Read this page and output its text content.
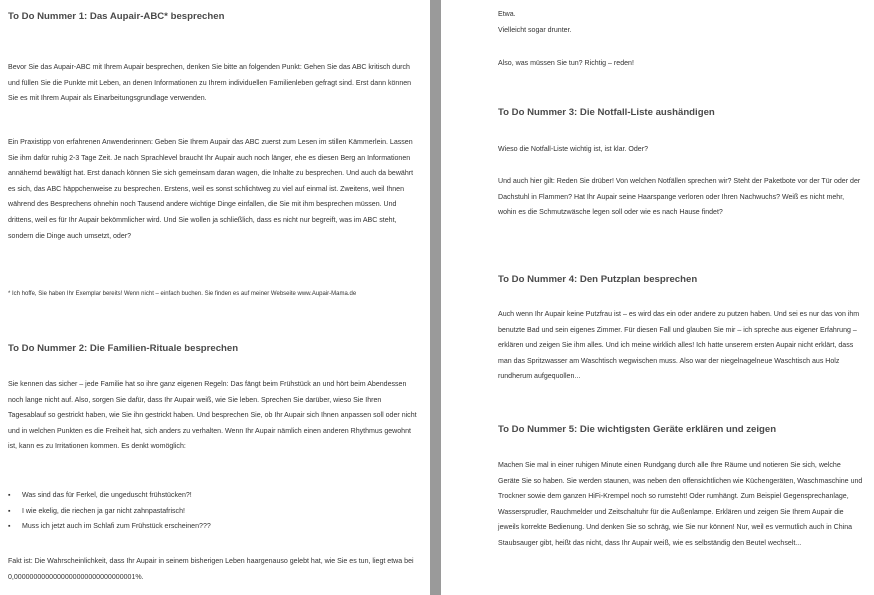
To Do Nummer 1: Das Aupair-ABC* besprechen

Bevor Sie das Aupair-ABC mit Ihrem Aupair besprechen, denken Sie bitte an folgenden Punkt: Gehen Sie das ABC kritisch durch und füllen Sie die Punkte mit Leben, an denen Informationen zu Ihrem individuellen Familienleben gefragt sind. Erst dann können Sie es mit Ihrem Aupair als Einarbeitungsgrundlage verwenden.

Ein Praxistipp von erfahrenen Anwenderinnen: Geben Sie Ihrem Aupair das ABC zuerst zum Lesen im stillen Kämmerlein. Lassen Sie ihm dafür ruhig 2-3 Tage Zeit. Je nach Sprachlevel braucht Ihr Aupair auch noch länger, ehe es diesen Berg an Informationen annähernd bewältigt hat. Erst danach können Sie sich gemeinsam daran wagen, die Inhalte zu besprechen. Und auch da bewährt es sich, das ABC häppchenweise zu besprechen. Erstens, weil es sonst schlichtweg zu viel auf einmal ist. Zweitens, weil Ihnen während des Besprechens ohnehin noch Tausend andere wichtige Dinge einfallen, die Sie mit ihm besprechen müssen. Und drittens, weil es für Ihr Aupair bekömmlicher wird. Und Sie wollen ja schließlich, dass es nicht nur begreift, was im ABC steht, sondern die Dinge auch umsetzt, oder?

* Ich hoffe, Sie haben Ihr Exemplar bereits! Wenn nicht – einfach buchen. Sie finden es auf meiner Webseite www.Aupair-Mama.de

To Do Nummer 2: Die Familien-Rituale besprechen

Sie kennen das sicher – jede Familie hat so ihre ganz eigenen Regeln: Das fängt beim Frühstück an und hört beim Abendessen noch lange nicht auf. Also, sorgen Sie dafür, dass Ihr Aupair weiß, wie Sie leben. Sprechen Sie darüber, wieso Sie Ihren Tagesablauf so gestrickt haben, wie Sie ihn gestrickt haben. Und besprechen Sie, ob Ihr Aupair sich Ihnen anpassen soll oder nicht und in welchen Punkten es die Freiheit hat, sich anders zu verhalten. Wenn Ihr Aupair nämlich einen anderen Rhythmus gewohnt ist, kann es zu Irritationen kommen. Es denkt womöglich:

▪ Was sind das für Ferkel, die ungeduscht frühstücken?!
▪ I wie ekelig, die riechen ja gar nicht zahnpastafrisch!
▪ Muss ich jetzt auch im Schlafi zum Frühstück erscheinen???

Fakt ist: Die Wahrscheinlichkeit, dass Ihr Aupair in seinem bisherigen Leben haargenauso gelebt hat, wie Sie es tun, liegt etwa bei 0,0000000000000000000000000000001%.

Etwa.
Vielleicht sogar drunter.

Also, was müssen Sie tun? Richtig – reden!

To Do Nummer 3: Die Notfall-Liste aushändigen

Wieso die Notfall-Liste wichtig ist, ist klar. Oder?

Und auch hier gilt: Reden Sie drüber! Von welchen Notfällen sprechen wir? Steht der Paketbote vor der Tür oder der Dachstuhl in Flammen? Hat Ihr Aupair seine Haarspange verloren oder Ihren Nachwuchs? Weiß es nicht mehr, wohin es die Schmutzwäsche legen soll oder wie es nach Hause findet?

To Do Nummer 4: Den Putzplan besprechen

Auch wenn Ihr Aupair keine Putzfrau ist – es wird das ein oder andere zu putzen haben. Und sei es nur das von ihm benutzte Bad und sein eigenes Zimmer. Für diesen Fall und glauben Sie mir – ich spreche aus eigener Erfahrung – erklären und zeigen Sie ihm alles. Und ich meine wirklich alles! Ich hatte unserem ersten Aupair nicht erklärt, dass man das Spritzwasser am Waschtisch wegwischen muss. Also war der niegelnagelneue Waschtisch aus Holz rundherum aufgequollen...

To Do Nummer 5: Die wichtigsten Geräte erklären und zeigen

Machen Sie mal in einer ruhigen Minute einen Rundgang durch alle Ihre Räume und notieren Sie sich, welche Geräte Sie so haben. Sie werden staunen, was neben den offensichtlichen wie Küchengeräten, Waschmaschine und Trockner sowie dem ganzen HiFi-Krempel noch so rumsteht! Oder rumhängt. Zum Beispiel Gegensprechanlage, Wassersprudler, Rauchmelder und Zeitschaltuhr für die Außenlampe. Erklären und zeigen Sie Ihrem Aupair die jeweils korrekte Bedienung. Und denken Sie so schräg, wie Sie nur können! Nur, weil es vermutlich auch in China Staubsauger gibt, heißt das nicht, dass Ihr Aupair weiß, wie es selbständig den Beutel wechselt...
